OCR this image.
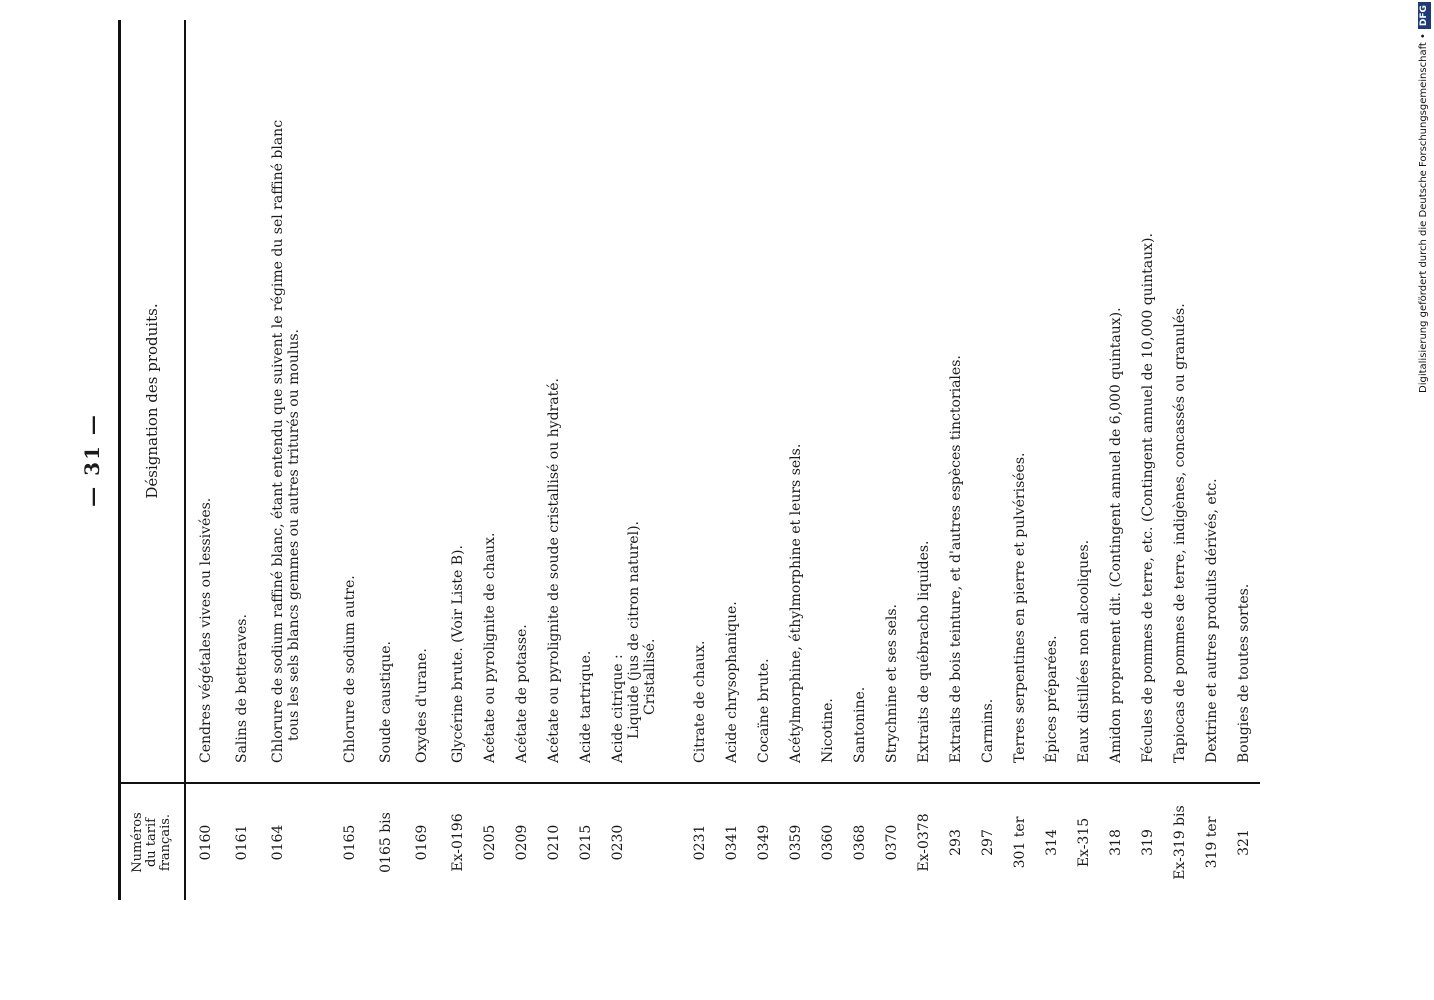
— 31 —
Numéros du tarif français.
Désignation des produits.
0160
Cendres végétales vives ou lessivées.
0161
Salins de betteraves.
0164
Chlorure de sodium raffiné blanc, étant entendu que suivent le régime du sel raffiné blanc tous les sels blancs gemmes ou autres triturés ou moulus.
0165
Chlorure de sodium autre.
0165 bis
Soude caustique.
0169
Oxydes d'urane.
Ex-0196
Glycérine brute. (Voir Liste B).
0205
Acétate ou pyrolignite de chaux.
0209
Acétate de potasse.
0210
Acétate ou pyrolignite de soude cristallisé ou hydraté.
0215
Acide tartrique.
0230
Acide citrique : Liquide (jus de citron naturel). Cristallisé.
0231
Citrate de chaux.
0341
Acide chrysophanique.
0349
Cocaïne brute.
0359
Acétylmorphine, éthylmorphine et leurs sels.
0360
Nicotine.
0368
Santonine.
0370
Strychnine et ses sels.
Ex-0378
Extraits de québracho liquides.
293
Extraits de bois teinture, et d'autres espèces tinctoriales.
297
Carmins.
301 ter
Terres serpentines en pierre et pulvérisées.
314
Épices préparées.
Ex-315
Eaux distillées non alcooliques.
318
Amidon proprement dit. (Contingent annuel de 6,000 quintaux).
319
Fécules de pommes de terre, etc. (Contingent annuel de 10,000 quintaux).
Ex-319 bis
Tapiocas de pommes de terre, indigènes, concassés ou granulés.
319 ter
Dextrine et autres produits dérivés, etc.
321
Bougies de toutes sortes.
Digitalisierung gefördert durch die Deutsche Forschungsgemeinschaft •
DFG
